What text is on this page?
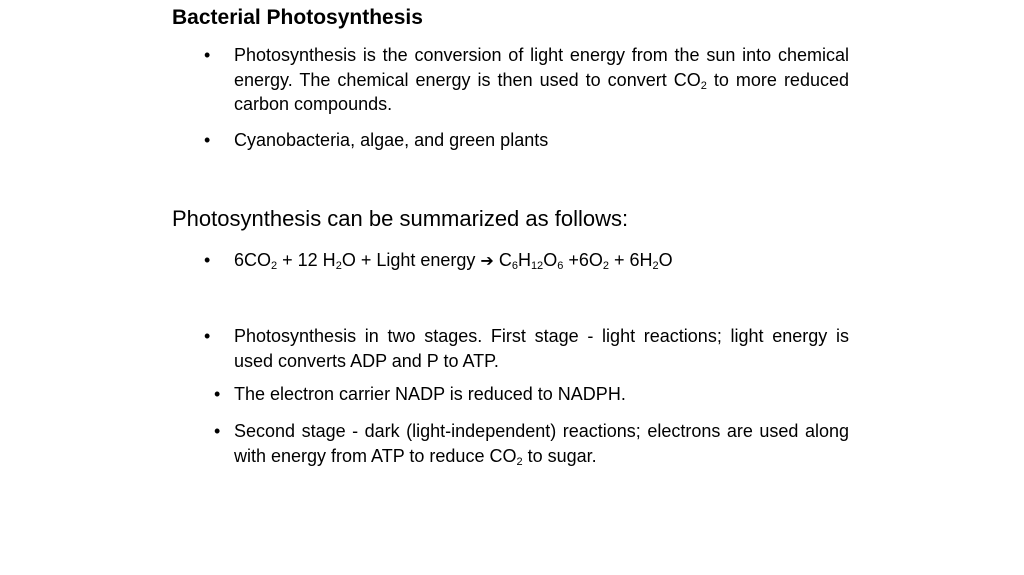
Bacterial Photosynthesis
• Photosynthesis is the conversion of light energy from the sun into chemical energy. The chemical energy is then used to convert $CO_2$ to more reduced carbon compounds.
• Cyanobacteria, algae, and green plants
Photosynthesis can be summarized as follows:
• $6CO_2 + 12$ $H_2O$ + Light energy ➔ $C_6H_{12}O_6 +6O_2 + 6H_2O$
• Photosynthesis in two stages. First stage - light reactions; light energy is used converts ADP and P to ATP.
• The electron carrier NADP is reduced to NADPH.
• Second stage - dark (light-independent) reactions; electrons are used along with energy from ATP to reduce $CO_2$ to sugar.
